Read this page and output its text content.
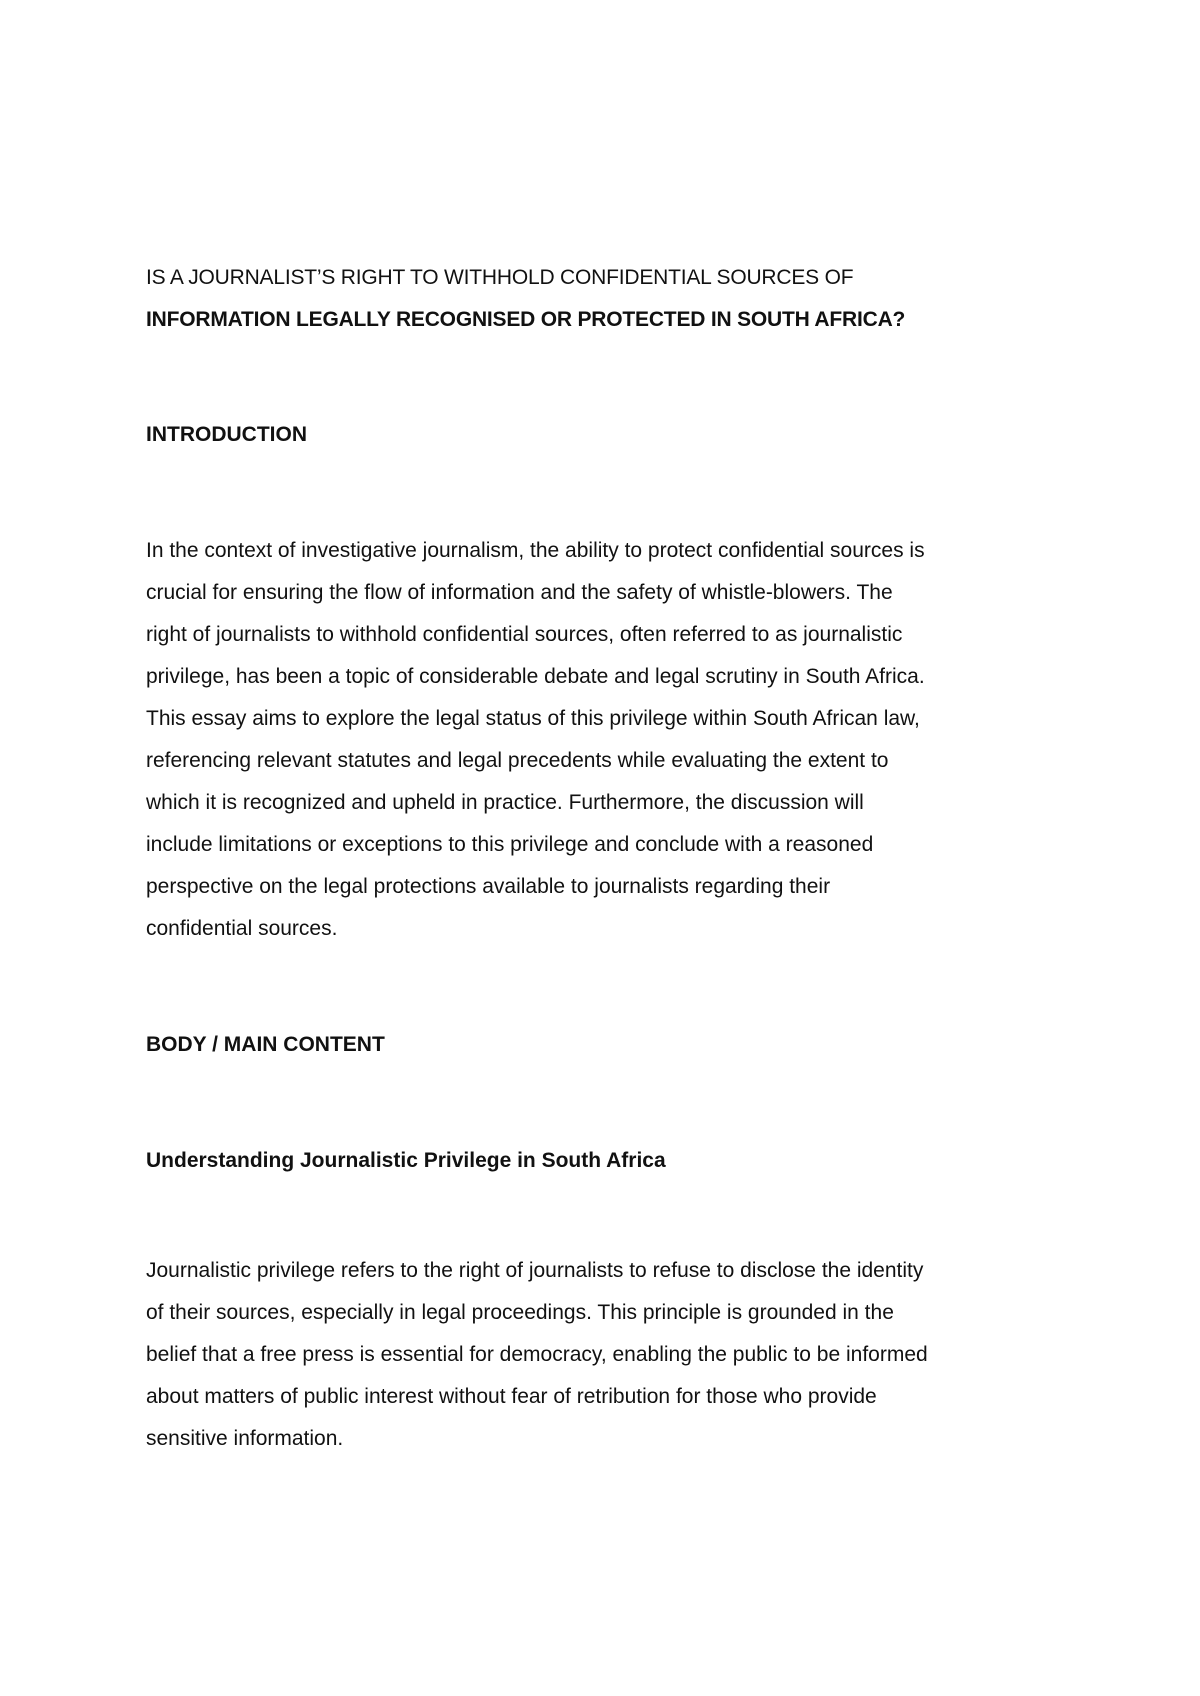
IS A JOURNALIST’S RIGHT TO WITHHOLD CONFIDENTIAL SOURCES OF
INFORMATION LEGALLY RECOGNISED OR PROTECTED IN SOUTH AFRICA?
INTRODUCTION

In the context of investigative journalism, the ability to protect confidential sources is
crucial for ensuring the flow of information and the safety of whistle-blowers. The
right of journalists to withhold confidential sources, often referred to as journalistic
privilege, has been a topic of considerable debate and legal scrutiny in South Africa.
This essay aims to explore the legal status of this privilege within South African law,
referencing relevant statutes and legal precedents while evaluating the extent to
which it is recognized and upheld in practice. Furthermore, the discussion will
include limitations or exceptions to this privilege and conclude with a reasoned
perspective on the legal protections available to journalists regarding their
confidential sources.

BODY / MAIN CONTENT
Understanding Journalistic Privilege in South Africa

Journalistic privilege refers to the right of journalists to refuse to disclose the identity
of their sources, especially in legal proceedings. This principle is grounded in the
belief that a free press is essential for democracy, enabling the public to be informed
about matters of public interest without fear of retribution for those who provide
sensitive information.
